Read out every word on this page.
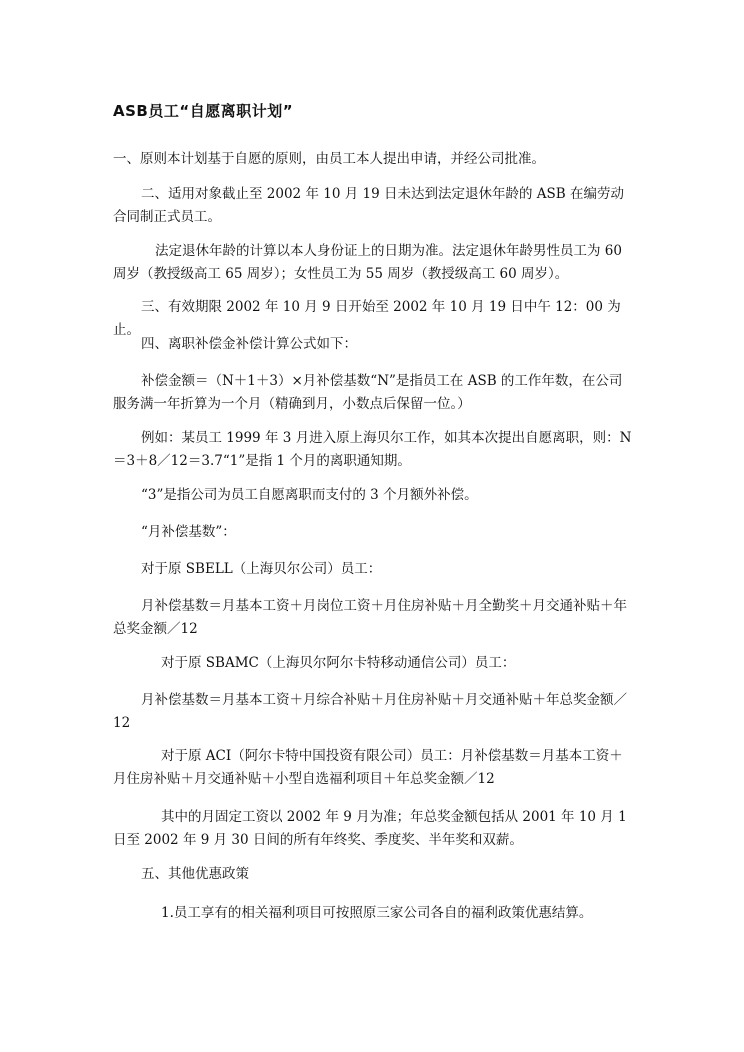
ASB员工“自愿离职计划”
一、原则本计划基于自愿的原则，由员工本人提出申请，并经公司批准。
二、适用对象截止至 2002 年 10 月 19 日未达到法定退休年龄的 ASB 在编劳动合同制正式员工。
法定退休年龄的计算以本人身份证上的日期为准。法定退休年龄男性员工为 60 周岁（教授级高工 65 周岁）；女性员工为 55 周岁（教授级高工 60 周岁）。
三、有效期限 2002 年 10 月 9 日开始至 2002 年 10 月 19 日中午 12：00 为止。
四、离职补偿金补偿计算公式如下：
补偿金额＝（N＋1＋3）×月补偿基数“N”是指员工在 ASB 的工作年数，在公司服务满一年折算为一个月（精确到月，小数点后保留一位。）
例如：某员工 1999 年 3 月进入原上海贝尔工作，如其本次提出自愿离职，则：N＝3＋8／12＝3.7“1”是指 1 个月的离职通知期。
“3”是指公司为员工自愿离职而支付的 3 个月额外补偿。
“月补偿基数”：
对于原 SBELL（上海贝尔公司）员工：
月补偿基数＝月基本工资＋月岗位工资＋月住房补贴＋月全勤奖＋月交通补贴＋年总奖金额／12
对于原 SBAMC（上海贝尔阿尔卡特移动通信公司）员工：
月补偿基数＝月基本工资＋月综合补贴＋月住房补贴＋月交通补贴＋年总奖金额／12
对于原 ACI（阿尔卡特中国投资有限公司）员工：月补偿基数＝月基本工资＋月住房补贴＋月交通补贴＋小型自选福利项目＋年总奖金额／12
其中的月固定工资以 2002 年 9 月为准；年总奖金额包括从 2001 年 10 月 1 日至 2002 年 9 月 30 日间的所有年终奖、季度奖、半年奖和双薪。
五、其他优惠政策
1.员工享有的相关福利项目可按照原三家公司各自的福利政策优惠结算。
